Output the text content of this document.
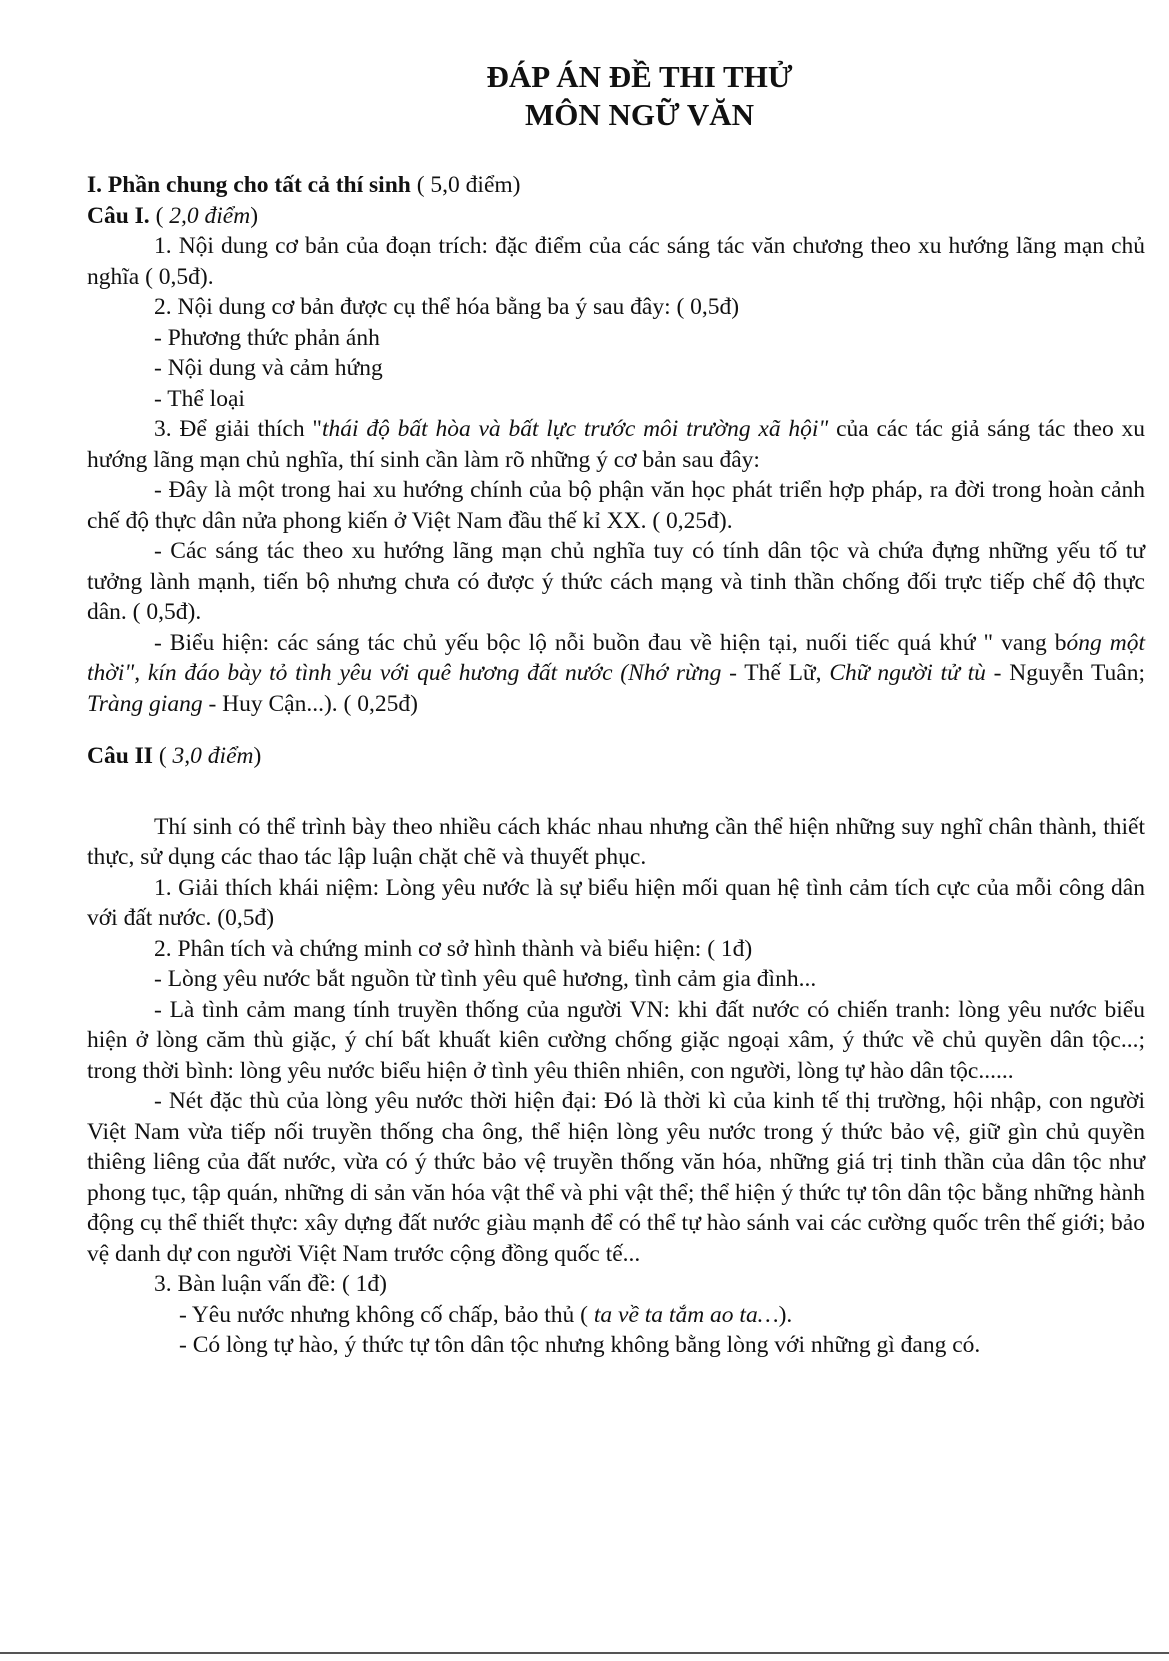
ĐÁP ÁN ĐỀ THI THỬ

MÔN NGỮ VĂN

I. Phần chung cho tất cả thí sinh ( 5,0 điểm)

Câu I. ( 2,0 điểm)

1. Nội dung cơ bản của đoạn trích: đặc điểm của các sáng tác văn chương theo xu hướng lãng mạn chủ nghĩa ( 0,5đ).

2. Nội dung cơ bản được cụ thể hóa bằng ba ý sau đây: ( 0,5đ)

- Phương thức phản ánh

- Nội dung và cảm hứng

- Thể loại

3. Để giải thích "thái độ bất hòa và bất lực trước môi trường xã hội" của các tác giả sáng tác theo xu hướng lãng mạn chủ nghĩa, thí sinh cần làm rõ những ý cơ bản sau đây:

- Đây là một trong hai xu hướng chính của bộ phận văn học phát triển hợp pháp, ra đời trong hoàn cảnh chế độ thực dân nửa phong kiến ở Việt Nam đầu thế kỉ XX. ( 0,25đ).

- Các sáng tác theo xu hướng lãng mạn chủ nghĩa tuy có tính dân tộc và chứa đựng những yếu tố tư tưởng lành mạnh, tiến bộ nhưng chưa có được ý thức cách mạng và tinh thần chống đối trực tiếp chế độ thực dân. ( 0,5đ).

- Biểu hiện: các sáng tác chủ yếu bộc lộ nỗi buồn đau về hiện tại, nuối tiếc quá khứ " vang bóng một thời", kín đáo bày tỏ tình yêu với quê hương đất nước (Nhớ rừng - Thế Lữ, Chữ người tử tù - Nguyễn Tuân; Tràng giang - Huy Cận...). ( 0,25đ)

Câu II ( 3,0 điểm)

Thí sinh có thể trình bày theo nhiều cách khác nhau nhưng cần thể hiện những suy nghĩ chân thành, thiết thực, sử dụng các thao tác lập luận chặt chẽ và thuyết phục.

1. Giải thích khái niệm: Lòng yêu nước là sự biểu hiện mối quan hệ tình cảm tích cực của mỗi công dân với đất nước. (0,5đ)

2. Phân tích và chứng minh cơ sở hình thành và biểu hiện: ( 1đ)

- Lòng yêu nước bắt nguồn từ tình yêu quê hương, tình cảm gia đình...

- Là tình cảm mang tính truyền thống của người VN: khi đất nước có chiến tranh: lòng yêu nước biểu hiện ở lòng căm thù giặc, ý chí bất khuất kiên cường chống giặc ngoại xâm, ý thức về chủ quyền dân tộc...; trong thời bình: lòng yêu nước biểu hiện ở tình yêu thiên nhiên, con người, lòng tự hào dân tộc......

- Nét đặc thù của lòng yêu nước thời hiện đại: Đó là thời kì của kinh tế thị trường, hội nhập, con người Việt Nam vừa tiếp nối truyền thống cha ông, thể hiện lòng yêu nước trong ý thức bảo vệ, giữ gìn chủ quyền thiêng liêng của đất nước, vừa có ý thức bảo vệ truyền thống văn hóa, những giá trị tinh thần của dân tộc như phong tục, tập quán, những di sản văn hóa vật thể và phi vật thể; thể hiện ý thức tự tôn dân tộc bằng những hành động cụ thể thiết thực: xây dựng đất nước giàu mạnh để có thể tự hào sánh vai các cường quốc trên thế giới; bảo vệ danh dự con người Việt Nam trước cộng đồng quốc tế...

3. Bàn luận vấn đề: ( 1đ)

- Yêu nước nhưng không cố chấp, bảo thủ ( ta về ta tắm ao ta…).

- Có lòng tự hào, ý thức tự tôn dân tộc nhưng không bằng lòng với những gì đang có.
